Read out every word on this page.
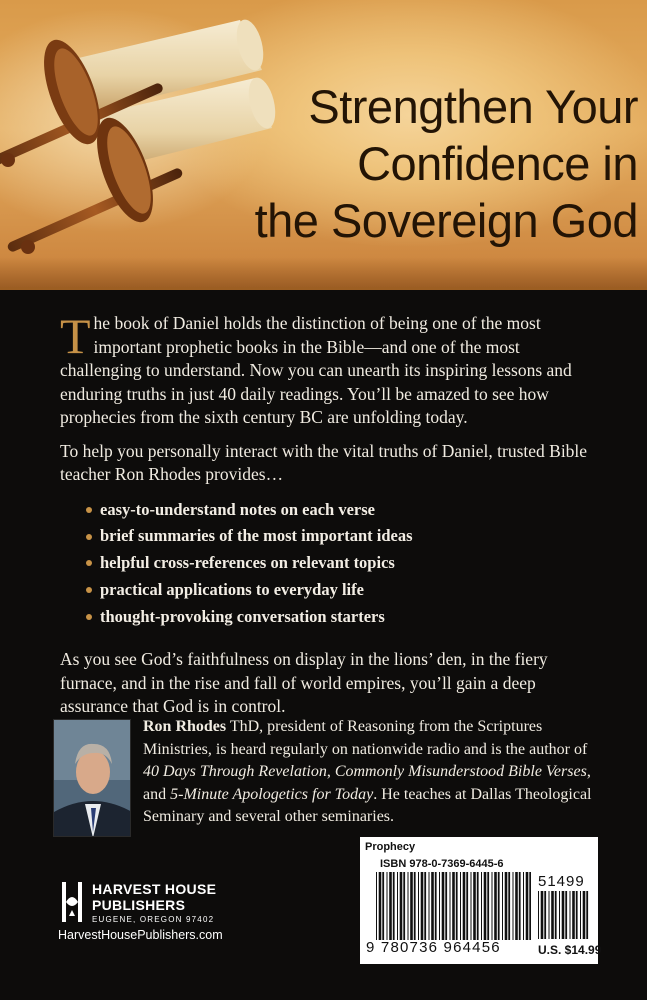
Strengthen Your
Confidence in
the Sovereign God

The book of Daniel holds the distinction of being one of the most important prophetic books in the Bible—and one of the most challenging to understand. Now you can unearth its inspiring lessons and enduring truths in just 40 daily readings. You’ll be amazed to see how prophecies from the sixth century BC are unfolding today.

To help you personally interact with the vital truths of Daniel, trusted Bible teacher Ron Rhodes provides…

easy-to-understand notes on each verse
brief summaries of the most important ideas
helpful cross-references on relevant topics
practical applications to everyday life
thought-provoking conversation starters

As you see God’s faithfulness on display in the lions’ den, in the fiery furnace, and in the rise and fall of world empires, you’ll gain a deep assurance that God is in control.

Ron Rhodes ThD, president of Reasoning from the Scriptures Ministries, is heard regularly on nationwide radio and is the author of 40 Days Through Revelation, Commonly Misunderstood Bible Verses, and 5-Minute Apologetics for Today. He teaches at Dallas Theological Seminary and several other seminaries.

HARVEST HOUSE
PUBLISHERS
EUGENE, OREGON 97402
HarvestHousePublishers.com
Prophecy
ISBN 978-0-7369-6445-6
9 780736 964456
51499
U.S. $14.99
